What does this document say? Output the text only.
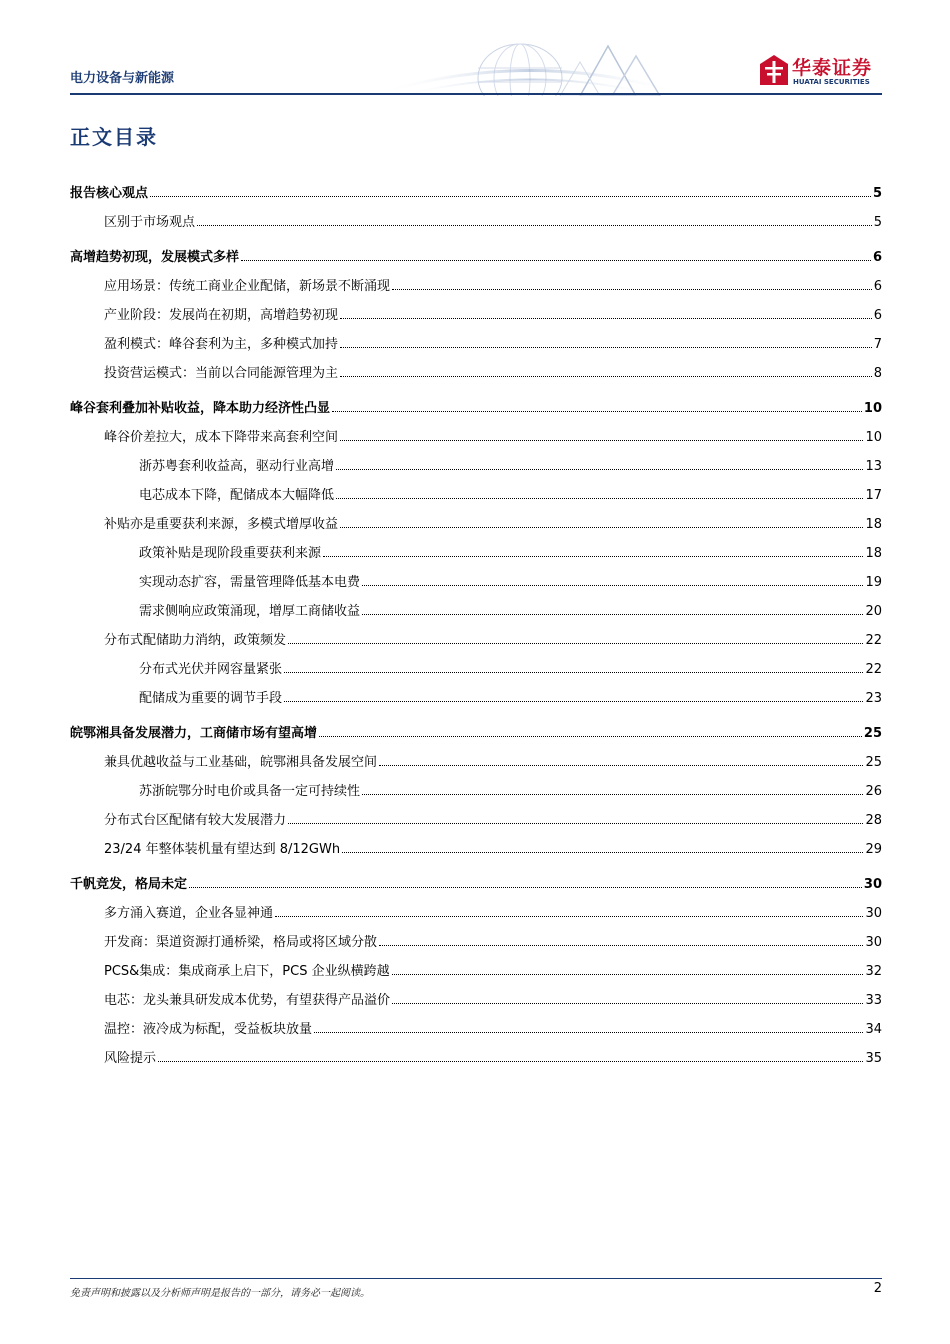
电力设备与新能源	华泰证券
HUATAI SECURITIES
正文目录
报告核心观点	5
区别于市场观点	5
高增趋势初现，发展模式多样	6
应用场景：传统工商业企业配储，新场景不断涌现	6
产业阶段：发展尚在初期，高增趋势初现	6
盈利模式：峰谷套利为主，多种模式加持	7
投资营运模式：当前以合同能源管理为主	8
峰谷套利叠加补贴收益，降本助力经济性凸显	10
峰谷价差拉大，成本下降带来高套利空间	10
浙苏粤套利收益高，驱动行业高增	13
电芯成本下降，配储成本大幅降低	17
补贴亦是重要获利来源，多模式增厚收益	18
政策补贴是现阶段重要获利来源	18
实现动态扩容，需量管理降低基本电费	19
需求侧响应政策涌现，增厚工商储收益	20
分布式配储助力消纳，政策频发	22
分布式光伏并网容量紧张	22
配储成为重要的调节手段	23
皖鄂湘具备发展潜力，工商储市场有望高增	25
兼具优越收益与工业基础，皖鄂湘具备发展空间	25
苏浙皖鄂分时电价或具备一定可持续性	26
分布式台区配储有较大发展潜力	28
23/24 年整体装机量有望达到 8/12GWh	29
千帆竞发，格局未定	30
多方涌入赛道，企业各显神通	30
开发商：渠道资源打通桥梁，格局或将区域分散	30
PCS&集成：集成商承上启下，PCS 企业纵横跨越	32
电芯：龙头兼具研发成本优势，有望获得产品溢价	33
温控：液冷成为标配，受益板块放量	34
风险提示	35
免责声明和披露以及分析师声明是报告的一部分，请务必一起阅读。	2
